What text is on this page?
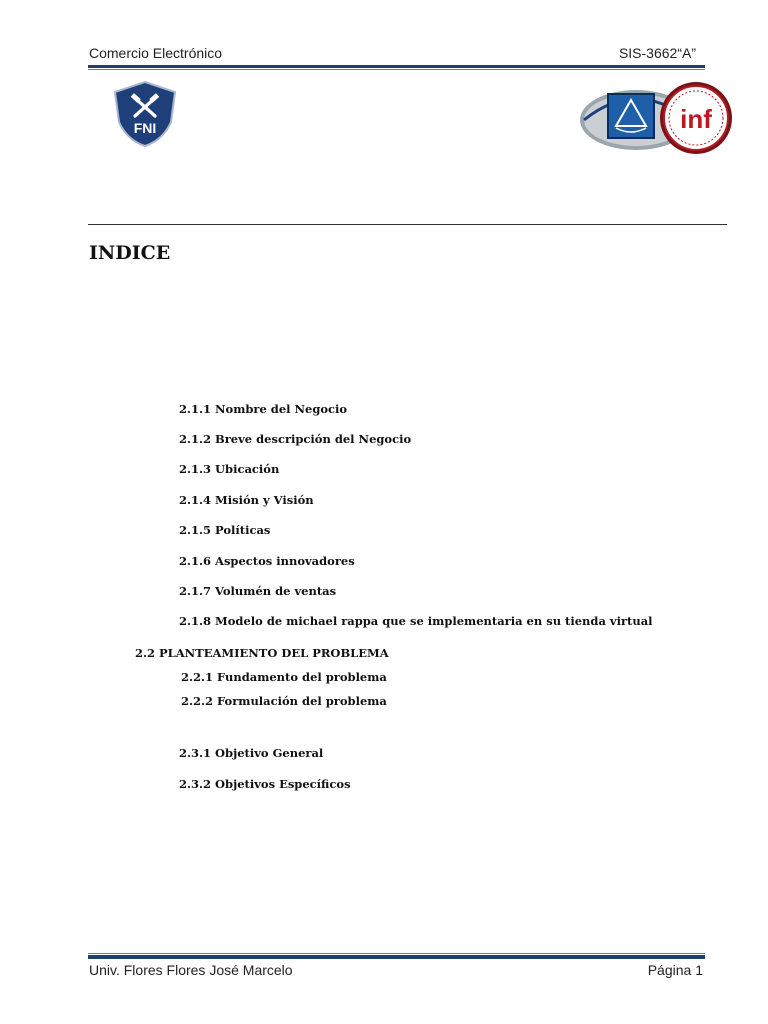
Comercio Electrónico	SIS-3662“A”
FNI	inf
INDICE
2.1.1 Nombre del Negocio
2.1.2 Breve descripción del Negocio
2.1.3 Ubicación
2.1.4 Misión y Visión
2.1.5 Políticas
2.1.6 Aspectos innovadores
2.1.7 Volumén de ventas
2.1.8 Modelo de michael rappa que se implementaria en su tienda virtual
2.2 PLANTEAMIENTO DEL PROBLEMA
2.2.1 Fundamento del problema
2.2.2 Formulación del problema
2.3.1 Objetivo General
2.3.2 Objetivos Específicos
Univ. Flores Flores José Marcelo	Página 1
